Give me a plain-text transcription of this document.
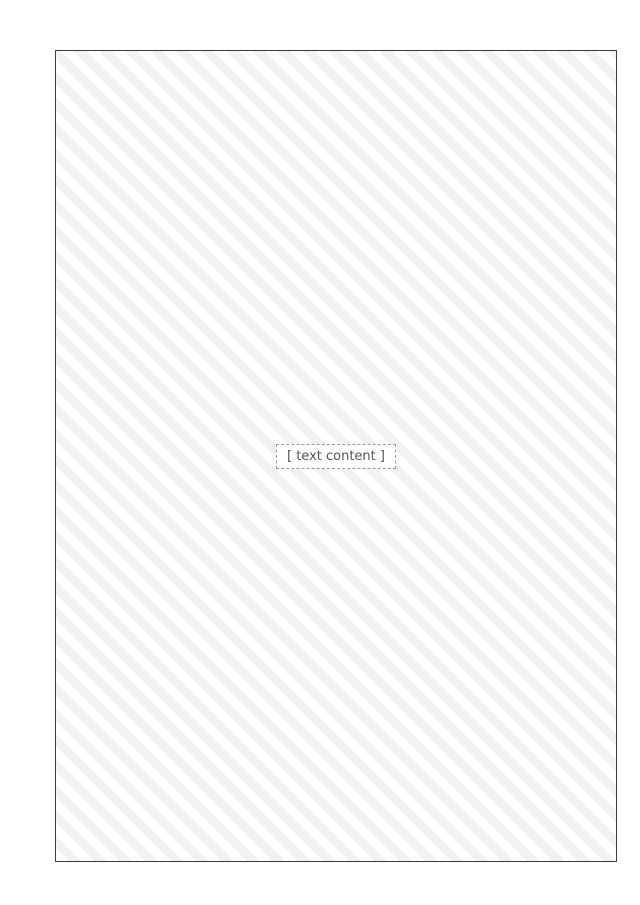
[ text content ]
